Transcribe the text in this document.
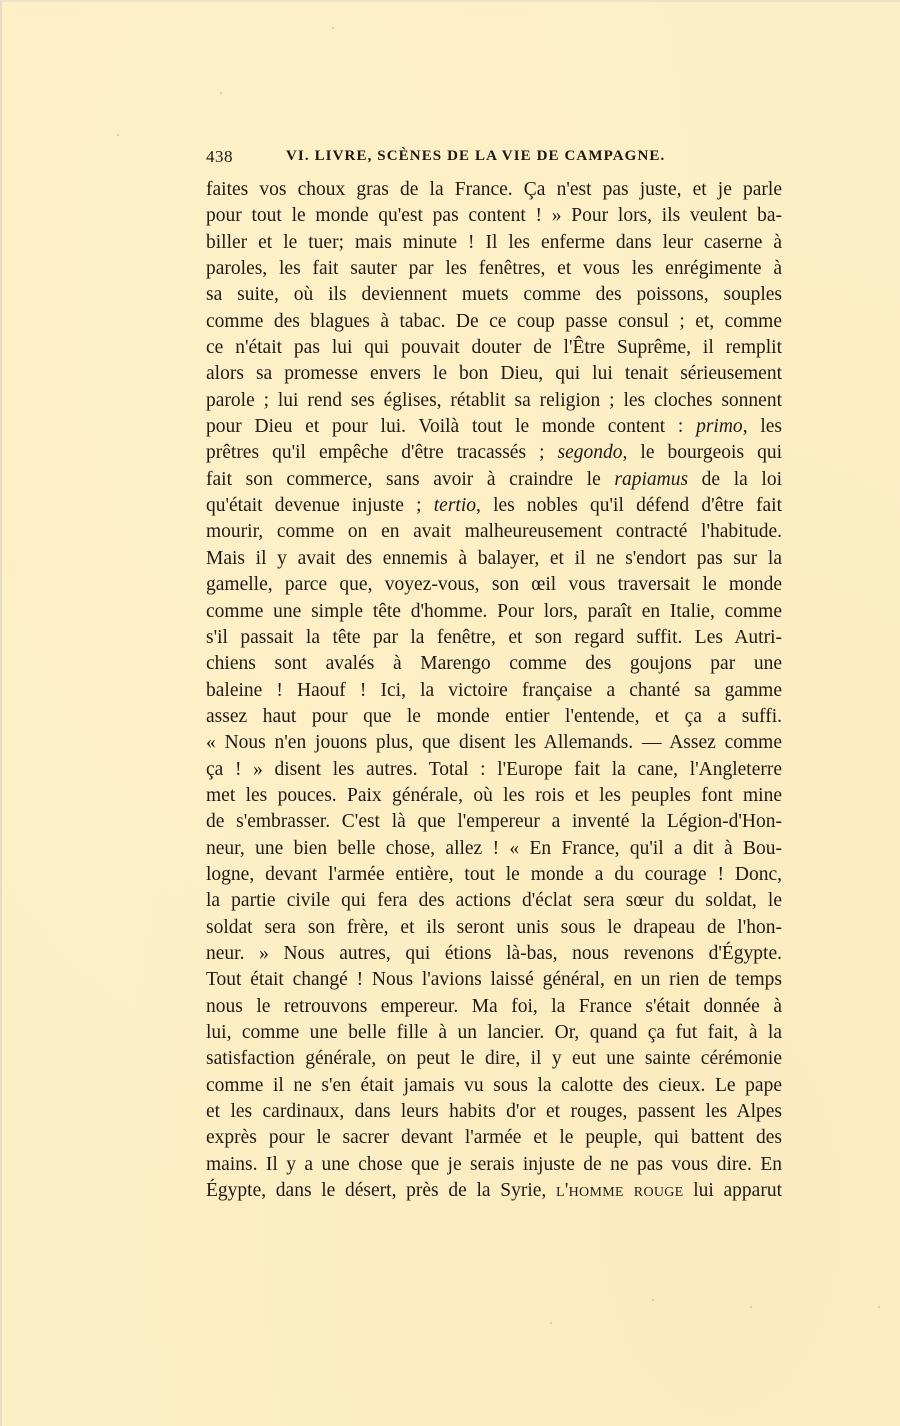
438	VI. LIVRE, SCÈNES DE LA VIE DE CAMPAGNE.
faites vos choux gras de la France. Ça n'est pas juste, et je parle
pour tout le monde qu'est pas content ! » Pour lors, ils veulent ba-
biller et le tuer; mais minute ! Il les enferme dans leur caserne à
paroles, les fait sauter par les fenêtres, et vous les enrégimente à
sa suite, où ils deviennent muets comme des poissons, souples
comme des blagues à tabac. De ce coup passe consul ; et, comme
ce n'était pas lui qui pouvait douter de l'Être Suprême, il remplit
alors sa promesse envers le bon Dieu, qui lui tenait sérieusement
parole ; lui rend ses églises, rétablit sa religion ; les cloches sonnent
pour Dieu et pour lui. Voilà tout le monde content : primo, les
prêtres qu'il empêche d'être tracassés ; segondo, le bourgeois qui
fait son commerce, sans avoir à craindre le rapiamus de la loi
qu'était devenue injuste ; tertio, les nobles qu'il défend d'être fait
mourir, comme on en avait malheureusement contracté l'habitude.
Mais il y avait des ennemis à balayer, et il ne s'endort pas sur la
gamelle, parce que, voyez-vous, son œil vous traversait le monde
comme une simple tête d'homme. Pour lors, paraît en Italie, comme
s'il passait la tête par la fenêtre, et son regard suffit. Les Autri-
chiens sont avalés à Marengo comme des goujons par une
baleine ! Haouf ! Ici, la victoire française a chanté sa gamme
assez haut pour que le monde entier l'entende, et ça a suffi.
« Nous n'en jouons plus, que disent les Allemands. — Assez comme
ça ! » disent les autres. Total : l'Europe fait la cane, l'Angleterre
met les pouces. Paix générale, où les rois et les peuples font mine
de s'embrasser. C'est là que l'empereur a inventé la Légion-d'Hon-
neur, une bien belle chose, allez ! « En France, qu'il a dit à Bou-
logne, devant l'armée entière, tout le monde a du courage ! Donc,
la partie civile qui fera des actions d'éclat sera sœur du soldat, le
soldat sera son frère, et ils seront unis sous le drapeau de l'hon-
neur. » Nous autres, qui étions là-bas, nous revenons d'Égypte.
Tout était changé ! Nous l'avions laissé général, en un rien de temps
nous le retrouvons empereur. Ma foi, la France s'était donnée à
lui, comme une belle fille à un lancier. Or, quand ça fut fait, à la
satisfaction générale, on peut le dire, il y eut une sainte cérémonie
comme il ne s'en était jamais vu sous la calotte des cieux. Le pape
et les cardinaux, dans leurs habits d'or et rouges, passent les Alpes
exprès pour le sacrer devant l'armée et le peuple, qui battent des
mains. Il y a une chose que je serais injuste de ne pas vous dire. En
Égypte, dans le désert, près de la Syrie, l'homme rouge lui apparut
